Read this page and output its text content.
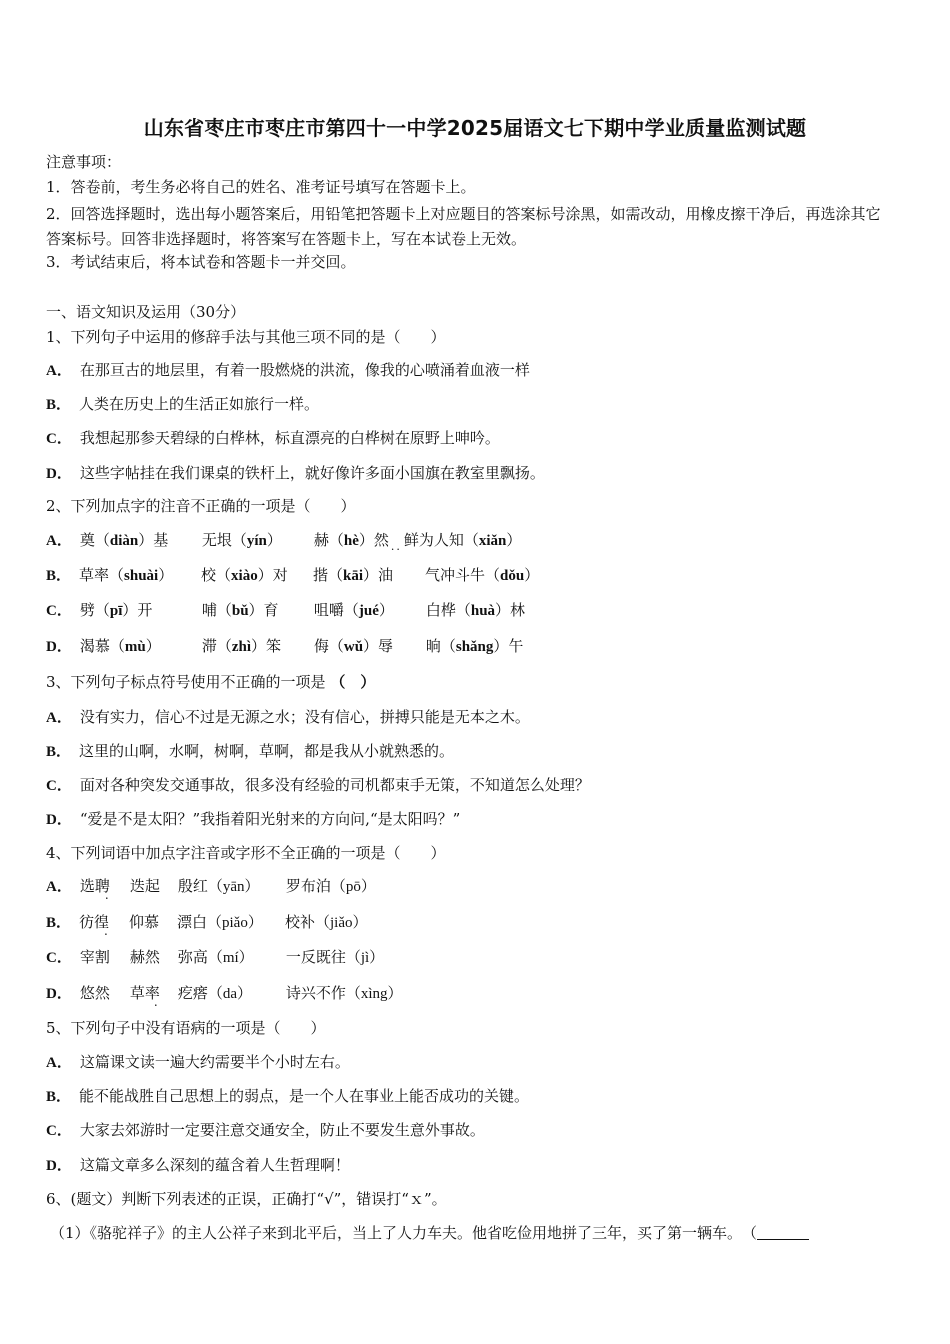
山东省枣庄市枣庄市第四十一中学2025届语文七下期中学业质量监测试题
注意事项：
1．答卷前，考生务必将自己的姓名、准考证号填写在答题卡上。
2．回答选择题时，选出每小题答案后，用铅笔把答题卡上对应题目的答案标号涂黑，如需改动，用橡皮擦干净后，再选涂其它答案标号。回答非选择题时，将答案写在答题卡上，写在本试卷上无效。
3．考试结束后，将本试卷和答题卡一并交回。
一、语文知识及运用（30分）
1、下列句子中运用的修辞手法与其他三项不同的是（　　）
A． 在那亘古的地层里，有着一股燃烧的洪流，像我的心喷涌着血液一样
B． 人类在历史上的生活正如旅行一样。
C． 我想起那参天碧绿的白桦林，标直漂亮的白桦树在原野上呻吟。
D． 这些字帖挂在我们课桌的铁杆上，就好像许多面小国旗在教室里飘扬。
2、下列加点字的注音不正确的一项是（　　）
A． 奠（diàn）基 无垠（yín） 赫（hè）然 $_{..}$ 鲜为人知（xiǎn）
B． 草率（shuài） 校（xiào）对 揩（kāi）油 气冲斗牛（dǒu）
C． 劈（pī）开	哺（bǔ）育 咀嚼（jué） 白桦（huà）林
D． 渴慕（mù）	滞（zhì）笨 侮（wǔ）辱 晌（shǎng）午
3、下列句子标点符号使用不正确的一项是 （　）
A． 没有实力，信心不过是无源之水；没有信心，拼搏只能是无本之木。
B． 这里的山啊，水啊，树啊，草啊，都是我从小就熟悉的。
C． 面对各种突发交通事故，很多没有经验的司机都束手无策，不知道怎么处理？
D． “爱是不是太阳？”我指着阳光射来的方向问,“是太阳吗？”
4、下列词语中加点字注音或字形不全正确的一项是（　　）
A． 选聘 迭起 殷红（yān） 罗布泊（pō）
B． 彷徨 仰慕 漂白（piǎo） 校补（jiǎo）
C． 宰割 赫然 弥高（mí） 一反既往（jì）
D． 悠然 草率 疙瘩（da） 诗兴不作（xìng）
5、下列句子中没有语病的一项是（　　）
A． 这篇课文读一遍大约需要半个小时左右。
B． 能不能战胜自己思想上的弱点，是一个人在事业上能否成功的关键。
C． 大家去郊游时一定要注意交通安全，防止不要发生意外事故。
D． 这篇文章多么深刻的蕴含着人生哲理啊！
6、(题文）判断下列表述的正误，正确打“√”，错误打“ｘ”。
（1）《骆驼祥子》的主人公祥子来到北平后，当上了人力车夫。他省吃俭用地拼了三年，买了第一辆车。　（
